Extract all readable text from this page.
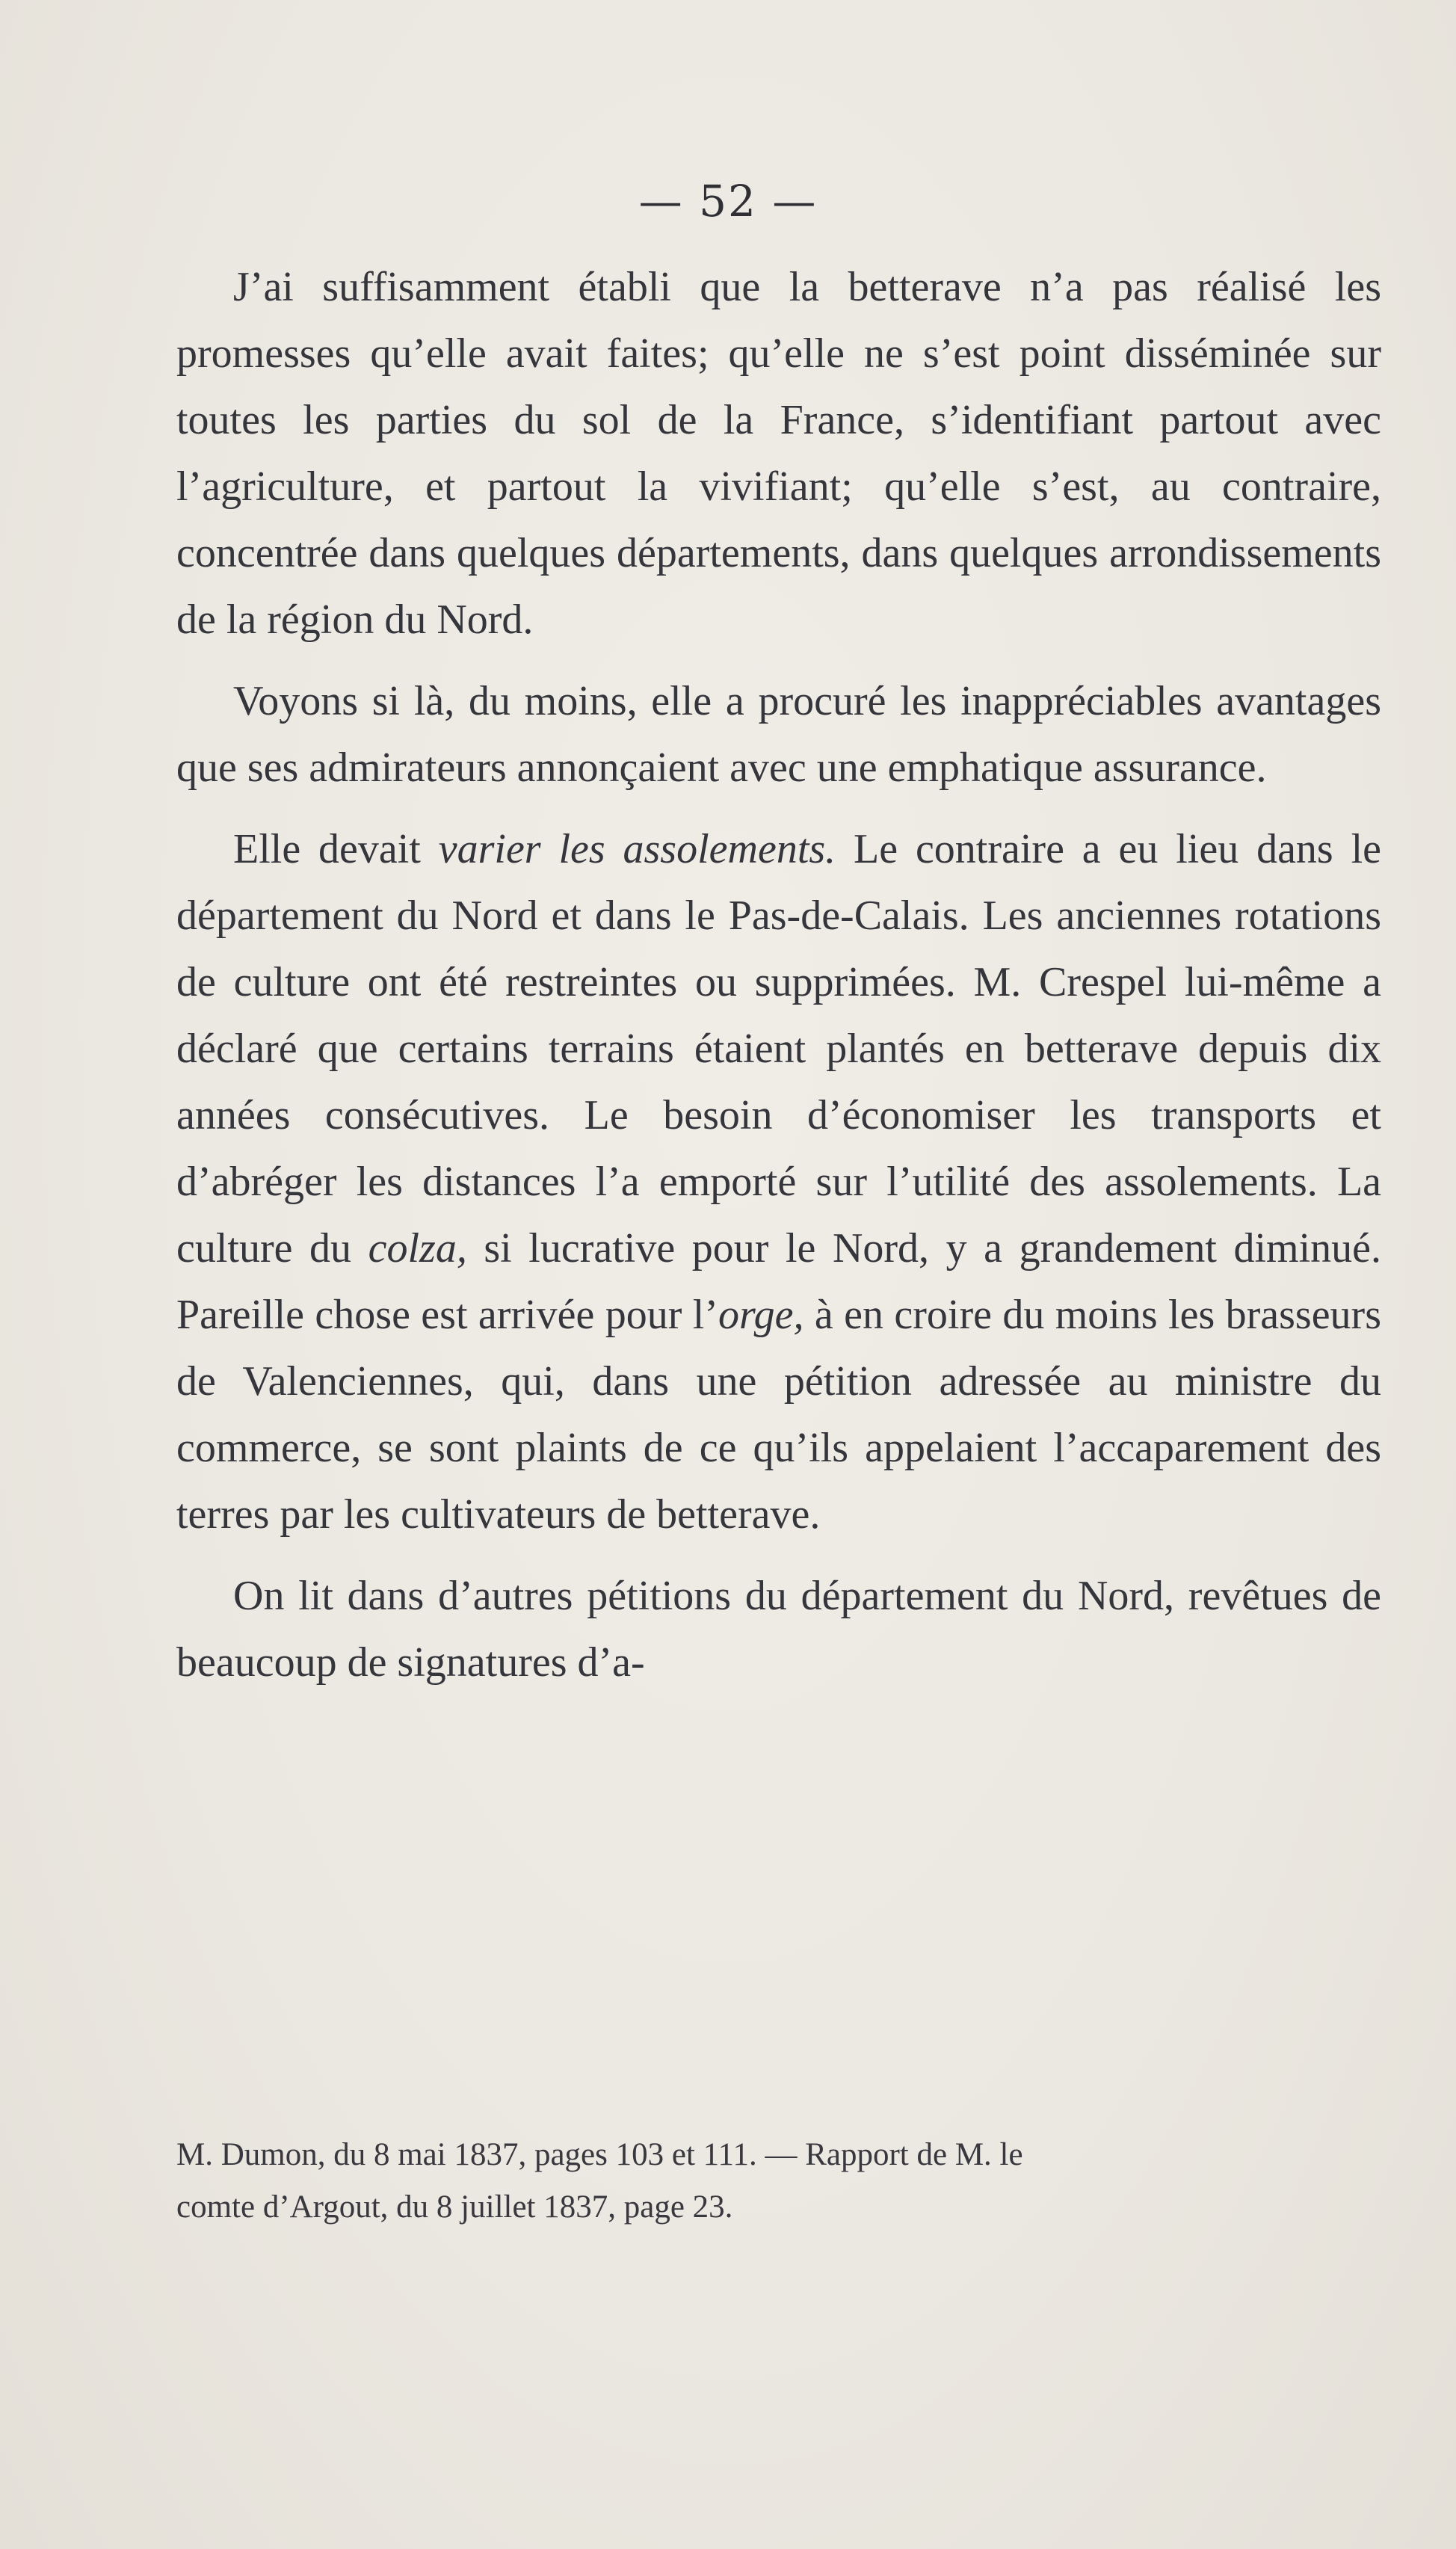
— 52 —

J’ai suffisamment établi que la betterave n’a pas réalisé les promesses qu’elle avait faites; qu’elle ne s’est point disséminée sur toutes les parties du sol de la France, s’identifiant partout avec l’agriculture, et partout la vivifiant; qu’elle s’est, au contraire, concentrée dans quelques départements, dans quelques arrondissements de la région du Nord.

Voyons si là, du moins, elle a procuré les inappréciables avantages que ses admirateurs annonçaient avec une emphatique assurance.

Elle devait varier les assolements. Le contraire a eu lieu dans le département du Nord et dans le Pas-de-Calais. Les anciennes rotations de culture ont été restreintes ou supprimées. M. Crespel lui-même a déclaré que certains terrains étaient plantés en betterave depuis dix années consécutives. Le besoin d’économiser les transports et d’abréger les distances l’a emporté sur l’utilité des assolements. La culture du colza, si lucrative pour le Nord, y a grandement diminué. Pareille chose est arrivée pour l’orge, à en croire du moins les brasseurs de Valenciennes, qui, dans une pétition adressée au ministre du commerce, se sont plaints de ce qu’ils appelaient l’accaparement des terres par les cultivateurs de betterave.

On lit dans d’autres pétitions du département du Nord, revêtues de beaucoup de signatures d’a-

M. Dumon, du 8 mai 1837, pages 103 et 111. — Rapport de M. le
comte d’Argout, du 8 juillet 1837, page 23.
